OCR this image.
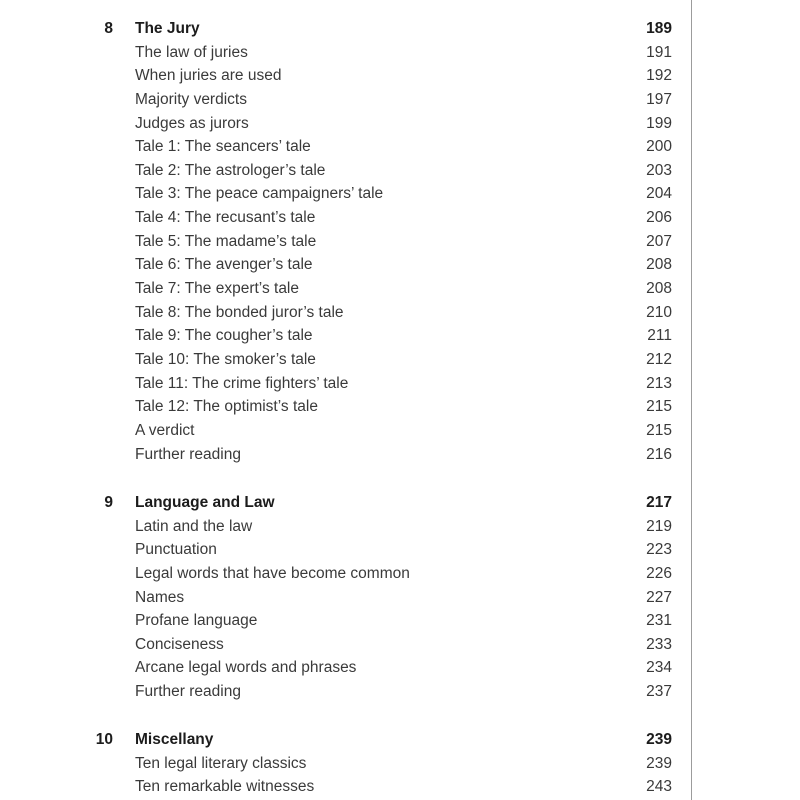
8 The Jury	189
The law of juries	191
When juries are used	192
Majority verdicts	197
Judges as jurors	199
Tale 1: The seancers’ tale	200
Tale 2: The astrologer’s tale	203
Tale 3: The peace campaigners’ tale	204
Tale 4: The recusant’s tale	206
Tale 5: The madame’s tale	207
Tale 6: The avenger’s tale	208
Tale 7: The expert’s tale	208
Tale 8: The bonded juror’s tale	210
Tale 9: The cougher’s tale	211
Tale 10: The smoker’s tale	212
Tale 11: The crime fighters’ tale	213
Tale 12: The optimist’s tale	215
A verdict	215
Further reading	216
9 Language and Law	217
Latin and the law	219
Punctuation	223
Legal words that have become common	226
Names	227
Profane language	231
Conciseness	233
Arcane legal words and phrases	234
Further reading	237
10 Miscellany	239
Ten legal literary classics	239
Ten remarkable witnesses	243
